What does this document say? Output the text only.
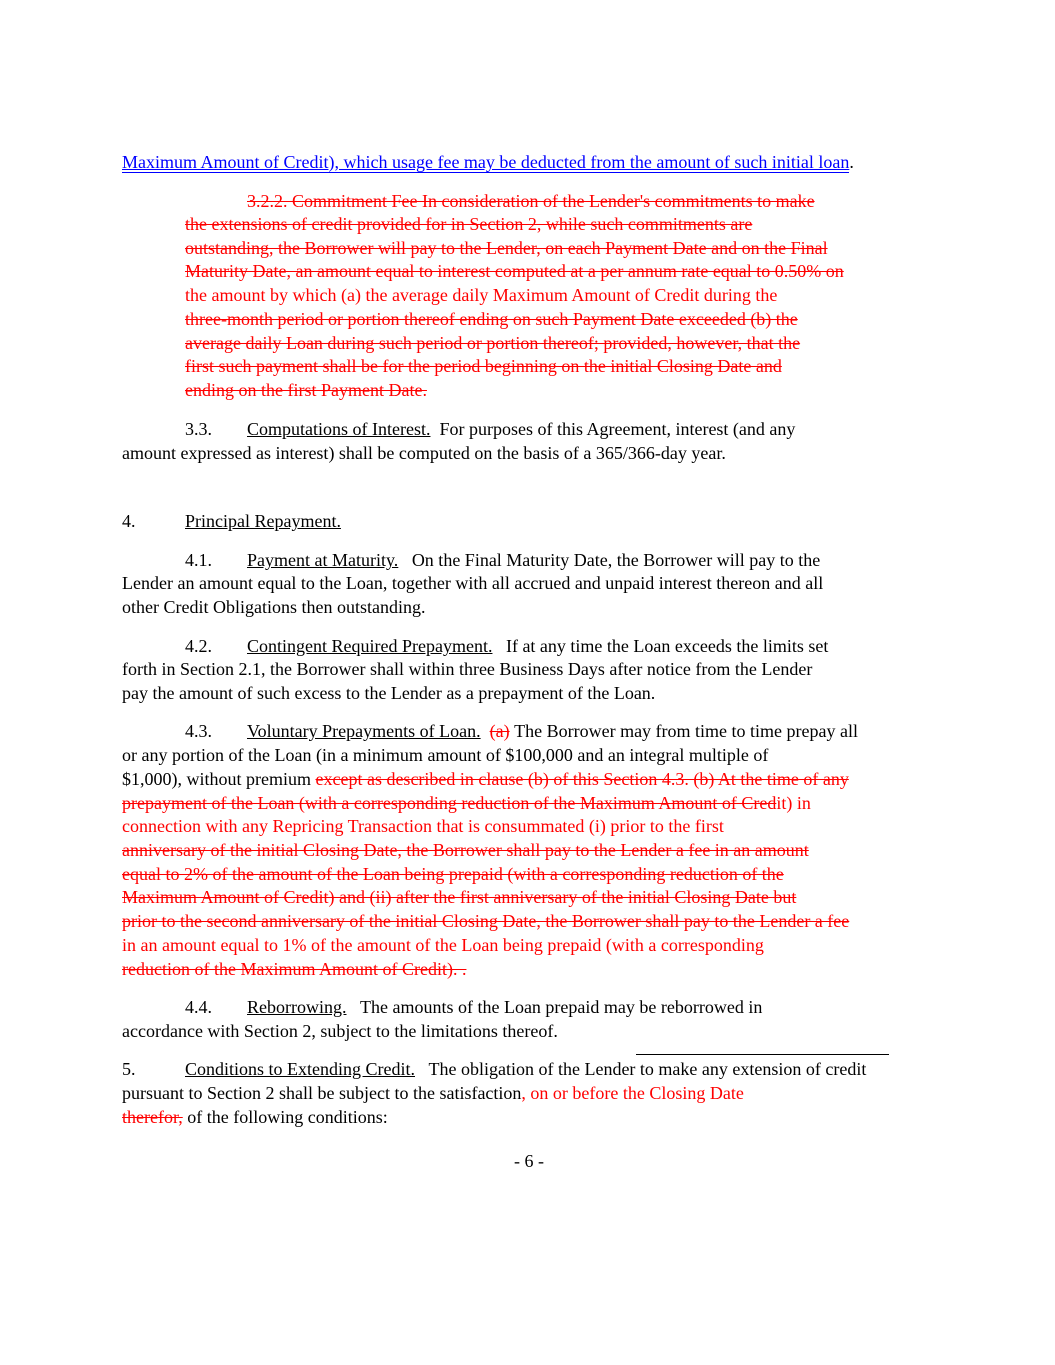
Maximum Amount of Credit), which usage fee may be deducted from the amount of such initial loan.
3.2.2. Commitment Fee In consideration of the Lender's commitments to make
the extensions of credit provided for in Section 2, while such commitments are
outstanding, the Borrower will pay to the Lender, on each Payment Date and on the Final
Maturity Date, an amount equal to interest computed at a per annum rate equal to 0.50% on
the amount by which (a) the average daily Maximum Amount of Credit during the
three-month period or portion thereof ending on such Payment Date exceeded (b) the
average daily Loan during such period or portion thereof; provided, however, that the
first such payment shall be for the period beginning on the initial Closing Date and
ending on the first Payment Date.
3.3. Computations of Interest. For purposes of this Agreement, interest (and any
amount expressed as interest) shall be computed on the basis of a 365/366-day year.
4.	Principal Repayment.
4.1. Payment at Maturity. On the Final Maturity Date, the Borrower will pay to the
Lender an amount equal to the Loan, together with all accrued and unpaid interest thereon and all
other Credit Obligations then outstanding.
4.2. Contingent Required Prepayment. If at any time the Loan exceeds the limits set
forth in Section 2.1, the Borrower shall within three Business Days after notice from the Lender
pay the amount of such excess to the Lender as a prepayment of the Loan.
4.3. Voluntary Prepayments of Loan. (a) The Borrower may from time to time prepay all
or any portion of the Loan (in a minimum amount of $100,000 and an integral multiple of
$1,000), without premium except as described in clause (b) of this Section 4.3. (b) At the time of any
prepayment of the Loan (with a corresponding reduction of the Maximum Amount of Credit) in
connection with any Repricing Transaction that is consummated (i) prior to the first
anniversary of the initial Closing Date, the Borrower shall pay to the Lender a fee in an amount
equal to 2% of the amount of the Loan being prepaid (with a corresponding reduction of the
Maximum Amount of Credit) and (ii) after the first anniversary of the initial Closing Date but
prior to the second anniversary of the initial Closing Date, the Borrower shall pay to the Lender a fee
in an amount equal to 1% of the amount of the Loan being prepaid (with a corresponding
reduction of the Maximum Amount of Credit). .
4.4. Reborrowing. The amounts of the Loan prepaid may be reborrowed in
accordance with Section 2, subject to the limitations thereof.
5.	Conditions to Extending Credit. The obligation of the Lender to make any extension of credit
pursuant to Section 2 shall be subject to the satisfaction, on or before the Closing Date
therefor, of the following conditions:
- 6 -
